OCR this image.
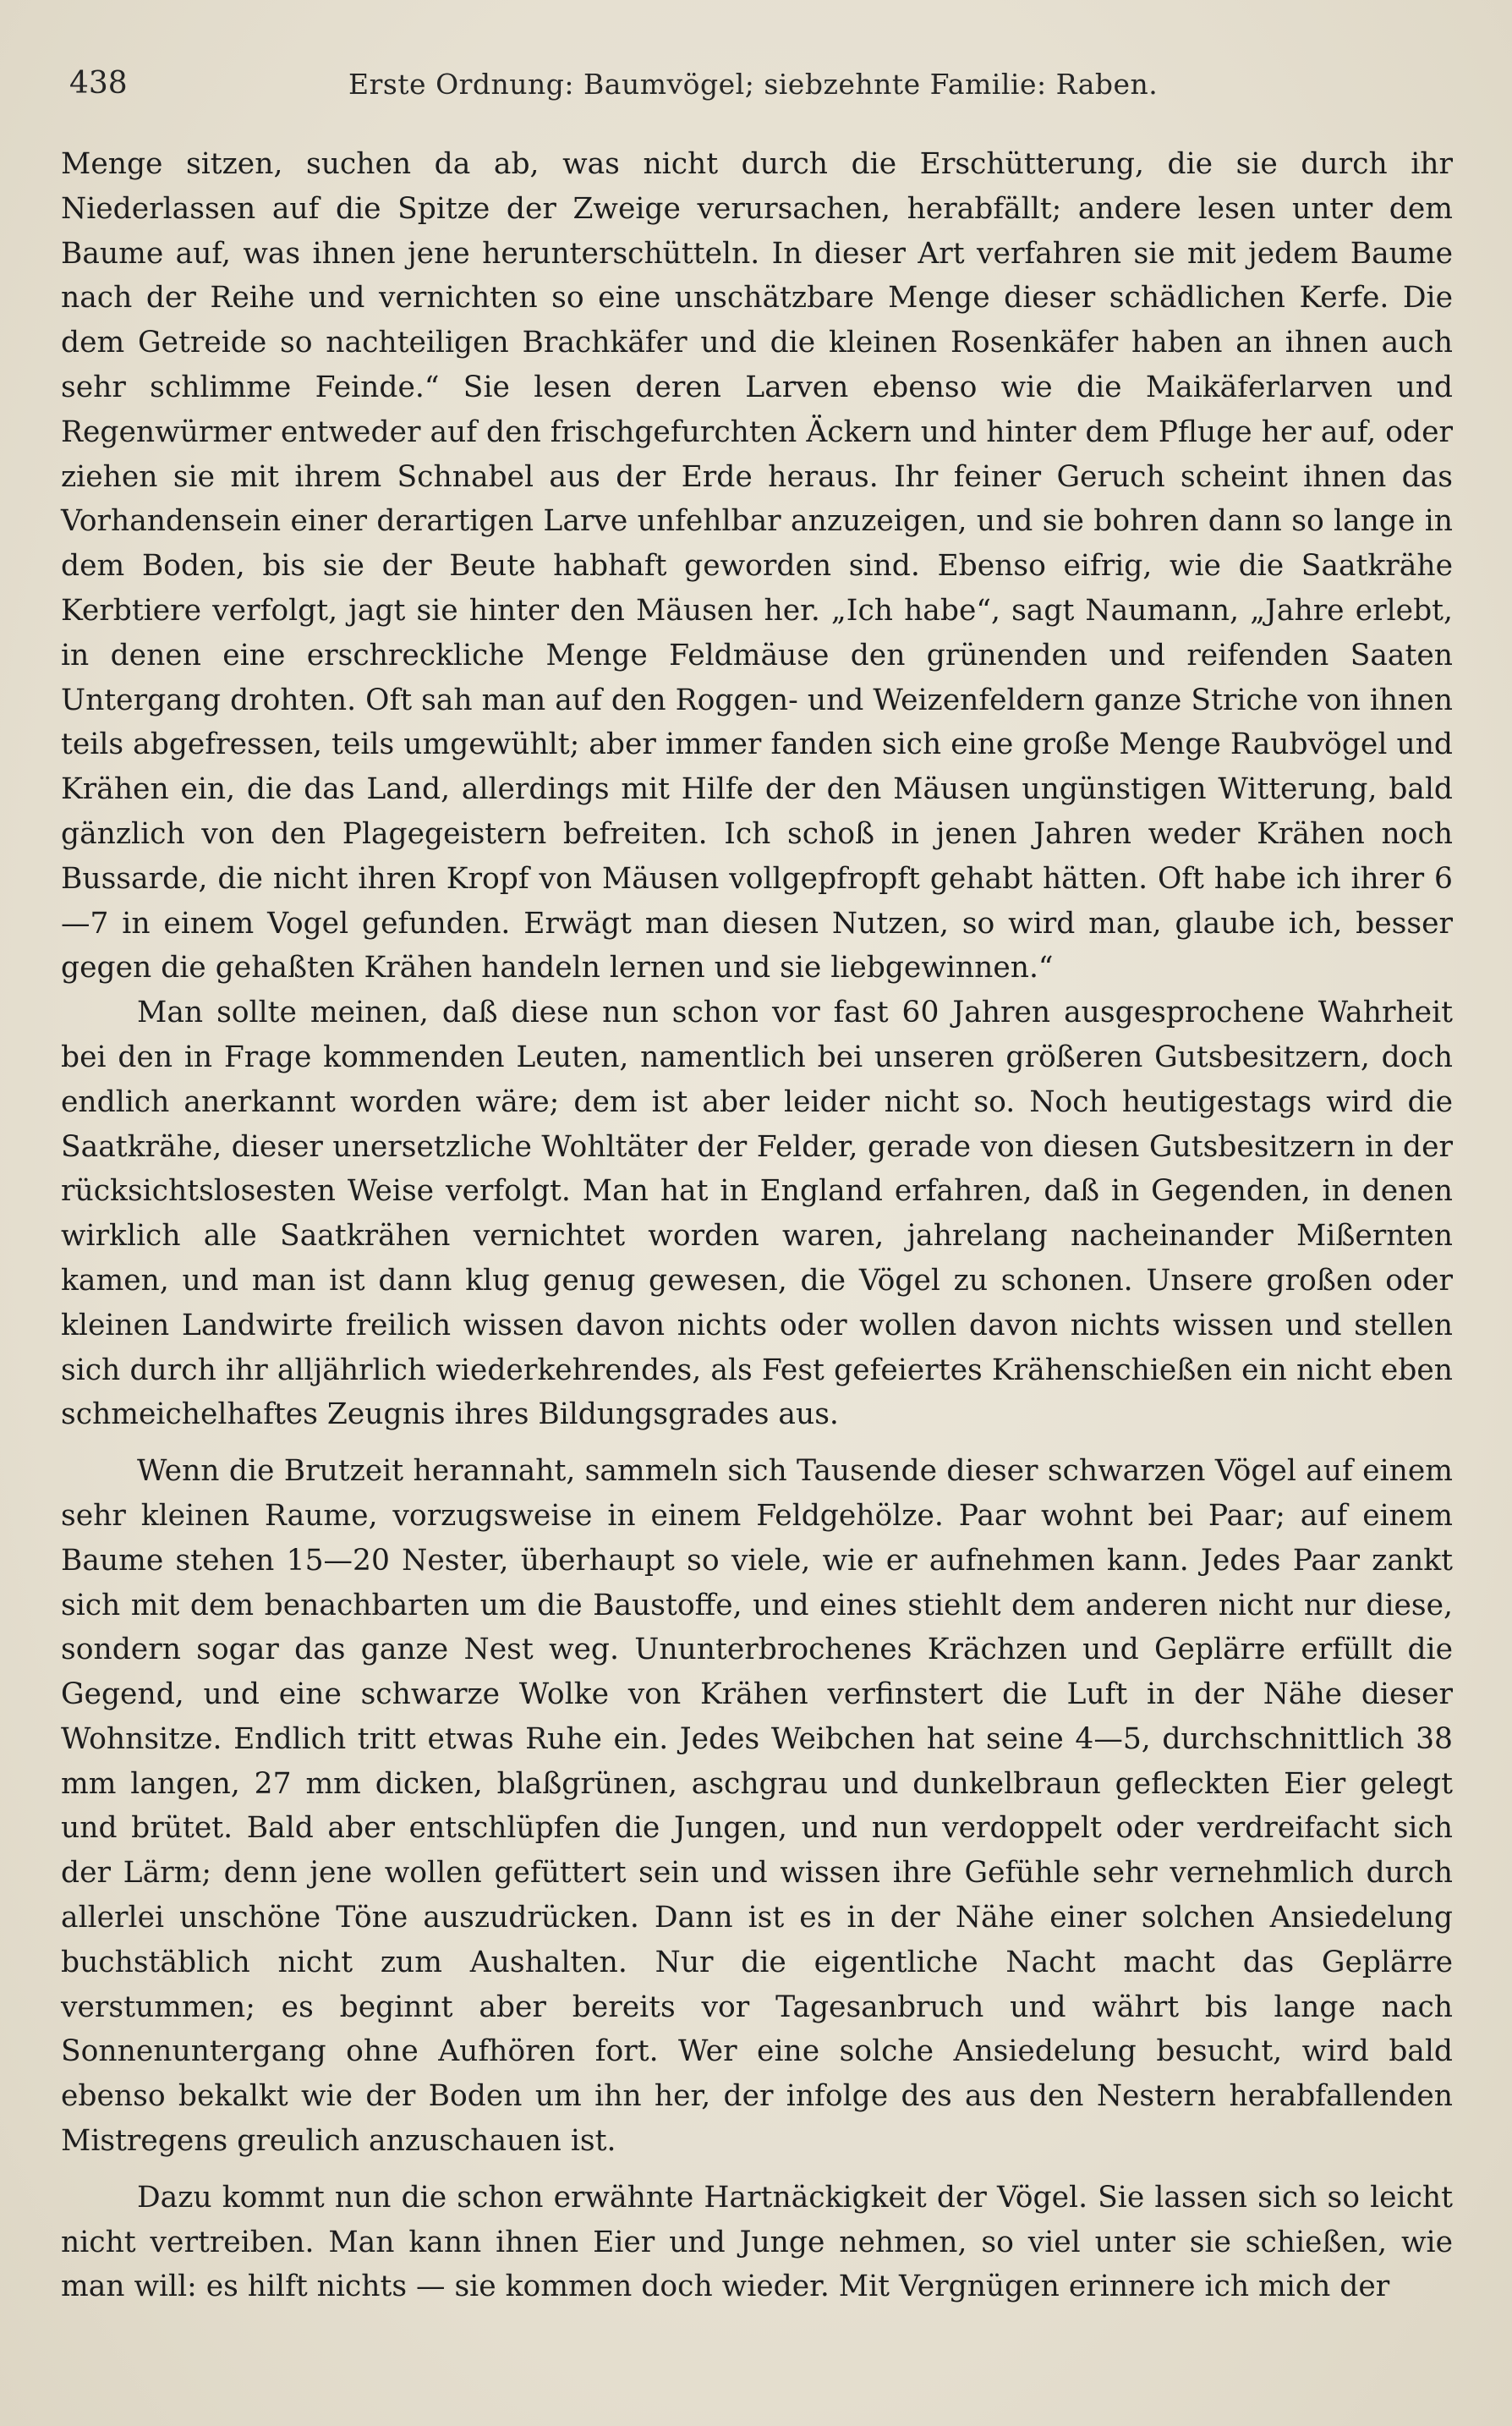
438	Erste Ordnung: Baumvögel; siebzehnte Familie: Raben.

Menge sitzen, suchen da ab, was nicht durch die Erschütterung, die sie durch ihr Niederlassen auf die Spitze der Zweige verursachen, herabfällt; andere lesen unter dem Baume auf, was ihnen jene herunterschütteln. In dieser Art verfahren sie mit jedem Baume nach der Reihe und vernichten so eine unschätzbare Menge dieser schädlichen Kerfe. Die dem Getreide so nachteiligen Brachkäfer und die kleinen Rosenkäfer haben an ihnen auch sehr schlimme Feinde.“ Sie lesen deren Larven ebenso wie die Maikäferlarven und Regenwürmer entweder auf den frischgefurchten Äckern und hinter dem Pfluge her auf, oder ziehen sie mit ihrem Schnabel aus der Erde heraus. Ihr feiner Geruch scheint ihnen das Vorhandensein einer derartigen Larve unfehlbar anzuzeigen, und sie bohren dann so lange in dem Boden, bis sie der Beute habhaft geworden sind. Ebenso eifrig, wie die Saatkrähe Kerbtiere verfolgt, jagt sie hinter den Mäusen her. „Ich habe“, sagt Naumann, „Jahre erlebt, in denen eine erschreckliche Menge Feldmäuse den grünenden und reifenden Saaten Untergang drohten. Oft sah man auf den Roggen- und Weizenfeldern ganze Striche von ihnen teils abgefressen, teils umgewühlt; aber immer fanden sich eine große Menge Raubvögel und Krähen ein, die das Land, allerdings mit Hilfe der den Mäusen ungünstigen Witterung, bald gänzlich von den Plagegeistern befreiten. Ich schoß in jenen Jahren weder Krähen noch Bussarde, die nicht ihren Kropf von Mäusen vollgepfropft gehabt hätten. Oft habe ich ihrer 6—7 in einem Vogel gefunden. Erwägt man diesen Nutzen, so wird man, glaube ich, besser gegen die gehaßten Krähen handeln lernen und sie liebgewinnen.“

Man sollte meinen, daß diese nun schon vor fast 60 Jahren ausgesprochene Wahrheit bei den in Frage kommenden Leuten, namentlich bei unseren größeren Gutsbesitzern, doch endlich anerkannt worden wäre; dem ist aber leider nicht so. Noch heutigestags wird die Saatkrähe, dieser unersetzliche Wohltäter der Felder, gerade von diesen Gutsbesitzern in der rücksichtslosesten Weise verfolgt. Man hat in England erfahren, daß in Gegenden, in denen wirklich alle Saatkrähen vernichtet worden waren, jahrelang nacheinander Mißernten kamen, und man ist dann klug genug gewesen, die Vögel zu schonen. Unsere großen oder kleinen Landwirte freilich wissen davon nichts oder wollen davon nichts wissen und stellen sich durch ihr alljährlich wiederkehrendes, als Fest gefeiertes Krähenschießen ein nicht eben schmeichelhaftes Zeugnis ihres Bildungsgrades aus.

Wenn die Brutzeit herannaht, sammeln sich Tausende dieser schwarzen Vögel auf einem sehr kleinen Raume, vorzugsweise in einem Feldgehölze. Paar wohnt bei Paar; auf einem Baume stehen 15—20 Nester, überhaupt so viele, wie er aufnehmen kann. Jedes Paar zankt sich mit dem benachbarten um die Baustoffe, und eines stiehlt dem anderen nicht nur diese, sondern sogar das ganze Nest weg. Ununterbrochenes Krächzen und Geplärre erfüllt die Gegend, und eine schwarze Wolke von Krähen verfinstert die Luft in der Nähe dieser Wohnsitze. Endlich tritt etwas Ruhe ein. Jedes Weibchen hat seine 4—5, durchschnittlich 38 mm langen, 27 mm dicken, blaßgrünen, aschgrau und dunkelbraun gefleckten Eier gelegt und brütet. Bald aber entschlüpfen die Jungen, und nun verdoppelt oder verdreifacht sich der Lärm; denn jene wollen gefüttert sein und wissen ihre Gefühle sehr vernehmlich durch allerlei unschöne Töne auszudrücken. Dann ist es in der Nähe einer solchen Ansiedelung buchstäblich nicht zum Aushalten. Nur die eigentliche Nacht macht das Geplärre verstummen; es beginnt aber bereits vor Tagesanbruch und währt bis lange nach Sonnenuntergang ohne Aufhören fort. Wer eine solche Ansiedelung besucht, wird bald ebenso bekalkt wie der Boden um ihn her, der infolge des aus den Nestern herabfallenden Mistregens greulich anzuschauen ist.

Dazu kommt nun die schon erwähnte Hartnäckigkeit der Vögel. Sie lassen sich so leicht nicht vertreiben. Man kann ihnen Eier und Junge nehmen, so viel unter sie schießen, wie man will: es hilft nichts — sie kommen doch wieder. Mit Vergnügen erinnere ich mich der
